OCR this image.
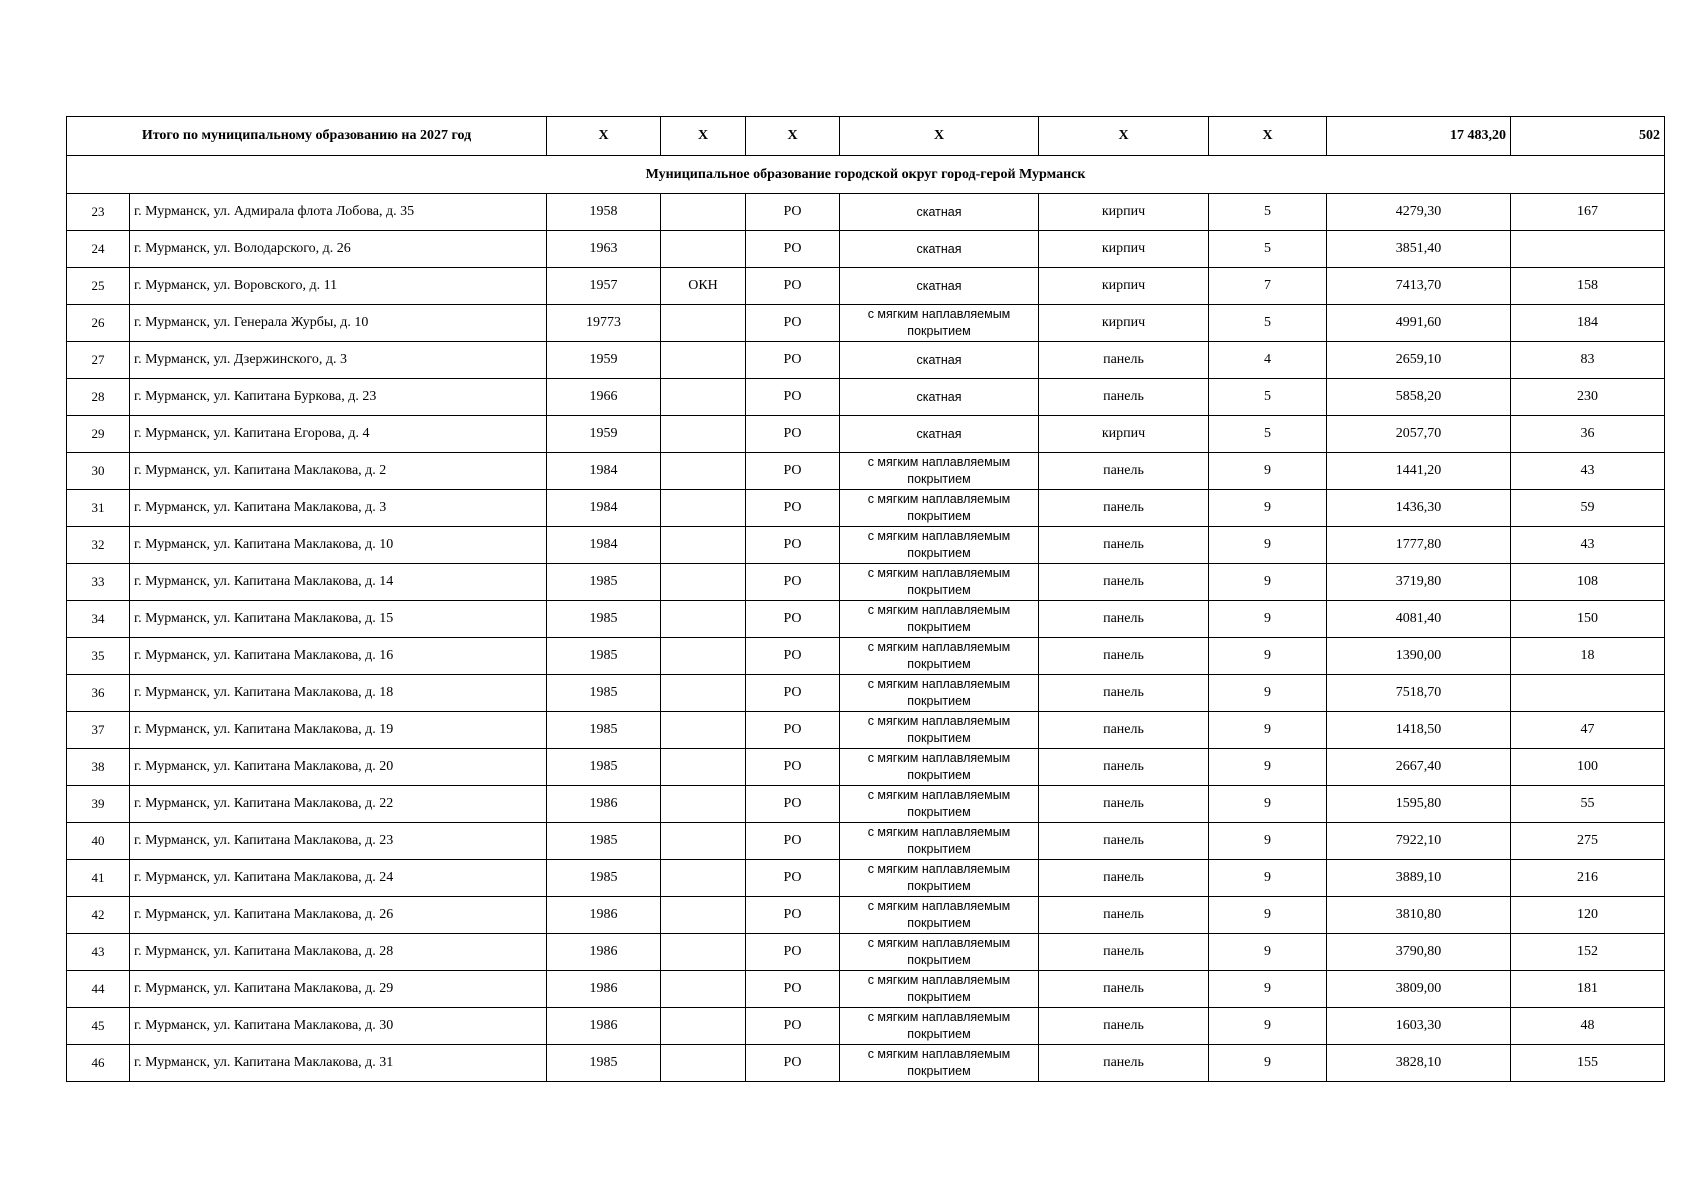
Итого по муниципальному образованию на 2027 год		Х	Х	Х	Х	Х	Х	17 483,20	502
Муниципальное образование городской округ город-герой Мурманск									
23	г. Мурманск, ул. Адмирала флота Лобова, д. 35	1958		РО	скатная	кирпич	5	4279,30	167
24	г. Мурманск, ул. Володарского, д. 26	1963		РО	скатная	кирпич	5	3851,40	
25	г. Мурманск, ул. Воровского, д. 11	1957	ОКН	РО	скатная	кирпич	7	7413,70	158
26	г. Мурманск, ул. Генерала Журбы, д. 10	19773		РО	с мягким наплавляемым покрытием	кирпич	5	4991,60	184
27	г. Мурманск, ул. Дзержинского, д. 3	1959		РО	скатная	панель	4	2659,10	83
28	г. Мурманск, ул. Капитана Буркова, д. 23	1966		РО	скатная	панель	5	5858,20	230
29	г. Мурманск, ул. Капитана Егорова, д. 4	1959		РО	скатная	кирпич	5	2057,70	36
30	г. Мурманск, ул. Капитана Маклакова, д. 2	1984		РО	с мягким наплавляемым покрытием	панель	9	1441,20	43
31	г. Мурманск, ул. Капитана Маклакова, д. 3	1984		РО	с мягким наплавляемым покрытием	панель	9	1436,30	59
32	г. Мурманск, ул. Капитана Маклакова, д. 10	1984		РО	с мягким наплавляемым покрытием	панель	9	1777,80	43
33	г. Мурманск, ул. Капитана Маклакова, д. 14	1985		РО	с мягким наплавляемым покрытием	панель	9	3719,80	108
34	г. Мурманск, ул. Капитана Маклакова, д. 15	1985		РО	с мягким наплавляемым покрытием	панель	9	4081,40	150
35	г. Мурманск, ул. Капитана Маклакова, д. 16	1985		РО	с мягким наплавляемым покрытием	панель	9	1390,00	18
36	г. Мурманск, ул. Капитана Маклакова, д. 18	1985		РО	с мягким наплавляемым покрытием	панель	9	7518,70	
37	г. Мурманск, ул. Капитана Маклакова, д. 19	1985		РО	с мягким наплавляемым покрытием	панель	9	1418,50	47
38	г. Мурманск, ул. Капитана Маклакова, д. 20	1985		РО	с мягким наплавляемым покрытием	панель	9	2667,40	100
39	г. Мурманск, ул. Капитана Маклакова, д. 22	1986		РО	с мягким наплавляемым покрытием	панель	9	1595,80	55
40	г. Мурманск, ул. Капитана Маклакова, д. 23	1985		РО	с мягким наплавляемым покрытием	панель	9	7922,10	275
41	г. Мурманск, ул. Капитана Маклакова, д. 24	1985		РО	с мягким наплавляемым покрытием	панель	9	3889,10	216
42	г. Мурманск, ул. Капитана Маклакова, д. 26	1986		РО	с мягким наплавляемым покрытием	панель	9	3810,80	120
43	г. Мурманск, ул. Капитана Маклакова, д. 28	1986		РО	с мягким наплавляемым покрытием	панель	9	3790,80	152
44	г. Мурманск, ул. Капитана Маклакова, д. 29	1986		РО	с мягким наплавляемым покрытием	панель	9	3809,00	181
45	г. Мурманск, ул. Капитана Маклакова, д. 30	1986		РО	с мягким наплавляемым покрытием	панель	9	1603,30	48
46	г. Мурманск, ул. Капитана Маклакова, д. 31	1985		РО	с мягким наплавляемым покрытием	панель	9	3828,10	155
